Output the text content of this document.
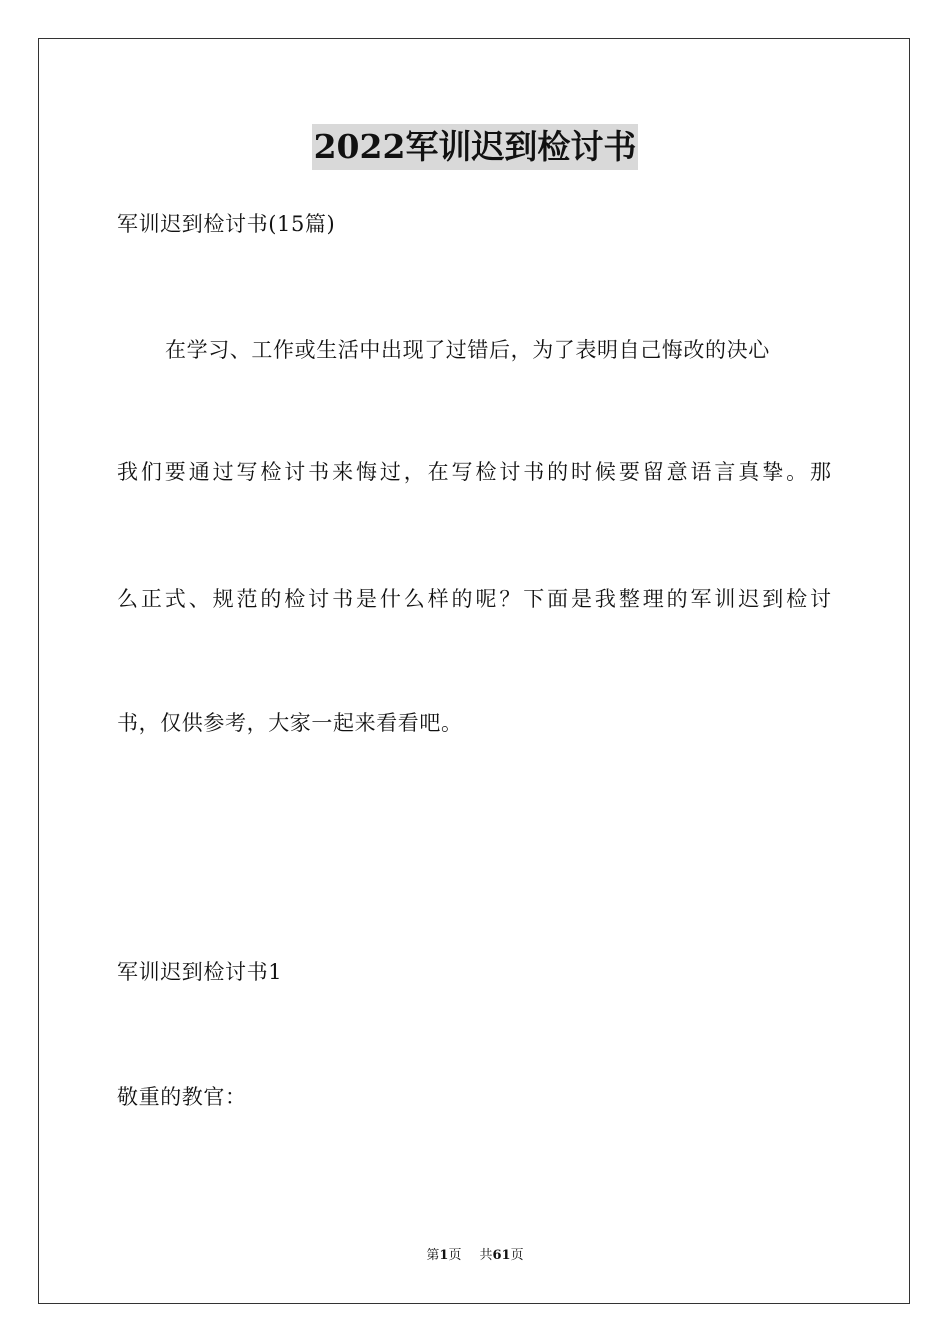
2022军训迟到检讨书
军训迟到检讨书(15篇)
在学习、工作或生活中出现了过错后，为了表明自己悔改的决心
我们要通过写检讨书来悔过，在写检讨书的时候要留意语言真挚。那
么正式、规范的检讨书是什么样的呢？下面是我整理的军训迟到检讨
书，仅供参考，大家一起来看看吧。
军训迟到检讨书1
敬重的教官：
第1页 共61页
